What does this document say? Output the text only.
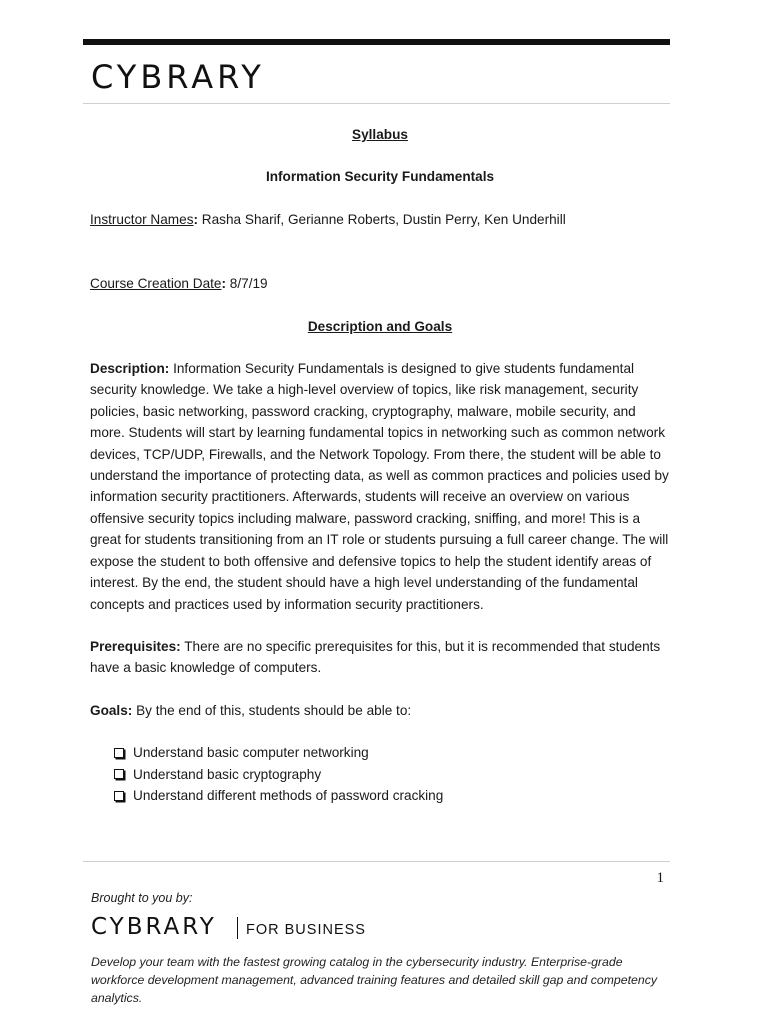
CYBRARY

Syllabus

Information Security Fundamentals

Instructor Names: Rasha Sharif, Gerianne Roberts, Dustin Perry, Ken Underhill

Course Creation Date: 8/7/19

Description and Goals

Description: Information Security Fundamentals is designed to give students fundamental security knowledge. We take a high-level overview of topics, like risk management, security policies, basic networking, password cracking, cryptography, malware, mobile security, and more. Students will start by learning fundamental topics in networking such as common network devices, TCP/UDP, Firewalls, and the Network Topology. From there, the student will be able to understand the importance of protecting data, as well as common practices and policies used by information security practitioners. Afterwards, students will receive an overview on various offensive security topics including malware, password cracking, sniffing, and more! This is a great for students transitioning from an IT role or students pursuing a full career change. The will expose the student to both offensive and defensive topics to help the student identify areas of interest. By the end, the student should have a high level understanding of the fundamental concepts and practices used by information security practitioners.

Prerequisites: There are no specific prerequisites for this, but it is recommended that students have a basic knowledge of computers.

Goals: By the end of this, students should be able to:

Understand basic computer networking
Understand basic cryptography
Understand different methods of password cracking
1
Brought to you by:
CYBRARY FOR BUSINESS
Develop your team with the fastest growing catalog in the cybersecurity industry. Enterprise-grade workforce development management, advanced training features and detailed skill gap and competency analytics.
